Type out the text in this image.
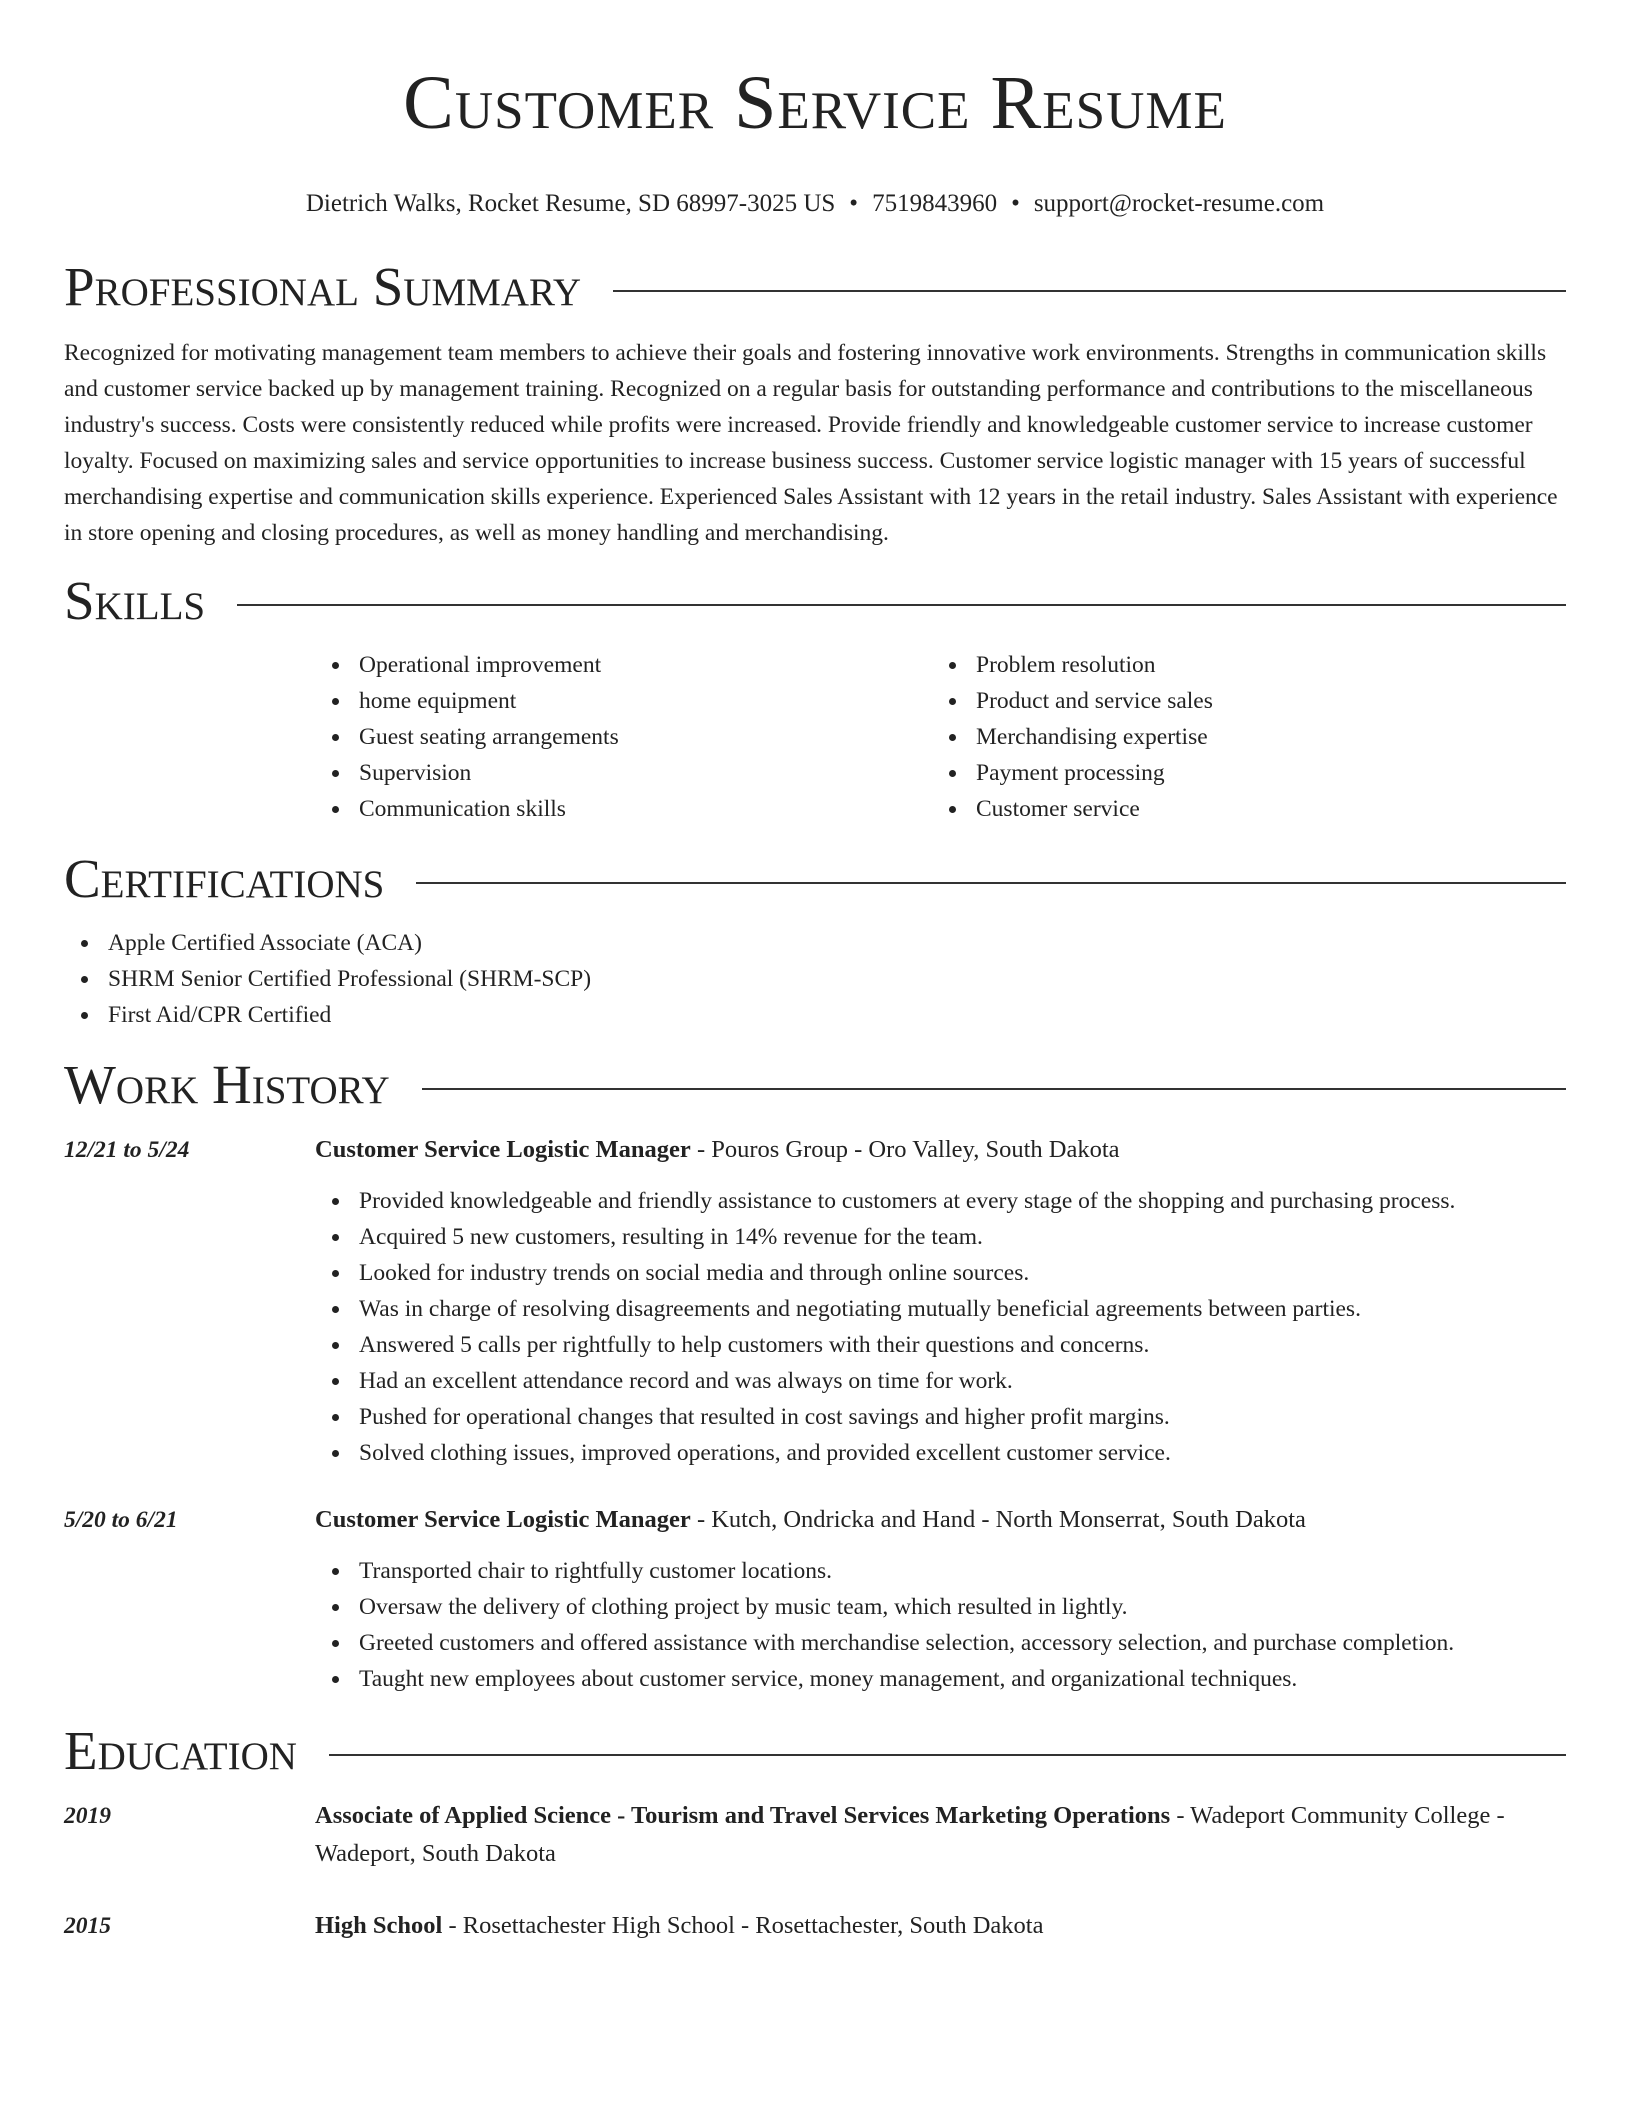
Customer Service Resume
Dietrich Walks, Rocket Resume, SD 68997-3025 US • 7519843960 • support@rocket-resume.com
Professional Summary

Recognized for motivating management team members to achieve their goals and fostering innovative work environments. Strengths in communication skills and customer service backed up by management training. Recognized on a regular basis for outstanding performance and contributions to the miscellaneous industry's success. Costs were consistently reduced while profits were increased. Provide friendly and knowledgeable customer service to increase customer loyalty. Focused on maximizing sales and service opportunities to increase business success. Customer service logistic manager with 15 years of successful merchandising expertise and communication skills experience. Experienced Sales Assistant with 12 years in the retail industry. Sales Assistant with experience in store opening and closing procedures, as well as money handling and merchandising.

Skills
Operational improvement
home equipment
Guest seating arrangements
Supervision
Communication skills
Problem resolution
Product and service sales
Merchandising expertise
Payment processing
Customer service
Certifications
Apple Certified Associate (ACA)
SHRM Senior Certified Professional (SHRM-SCP)
First Aid/CPR Certified
Work History
12/21 to 5/24	Customer Service Logistic Manager - Pouros Group - Oro Valley, South Dakota
Provided knowledgeable and friendly assistance to customers at every stage of the shopping and purchasing process.
Acquired 5 new customers, resulting in 14% revenue for the team.
Looked for industry trends on social media and through online sources.
Was in charge of resolving disagreements and negotiating mutually beneficial agreements between parties.
Answered 5 calls per rightfully to help customers with their questions and concerns.
Had an excellent attendance record and was always on time for work.
Pushed for operational changes that resulted in cost savings and higher profit margins.
Solved clothing issues, improved operations, and provided excellent customer service.
5/20 to 6/21	Customer Service Logistic Manager - Kutch, Ondricka and Hand - North Monserrat, South Dakota
Transported chair to rightfully customer locations.
Oversaw the delivery of clothing project by music team, which resulted in lightly.
Greeted customers and offered assistance with merchandise selection, accessory selection, and purchase completion.
Taught new employees about customer service, money management, and organizational techniques.
Education
2019	Associate of Applied Science - Tourism and Travel Services Marketing Operations - Wadeport Community College - Wadeport, South Dakota
2015	High School - Rosettachester High School - Rosettachester, South Dakota
